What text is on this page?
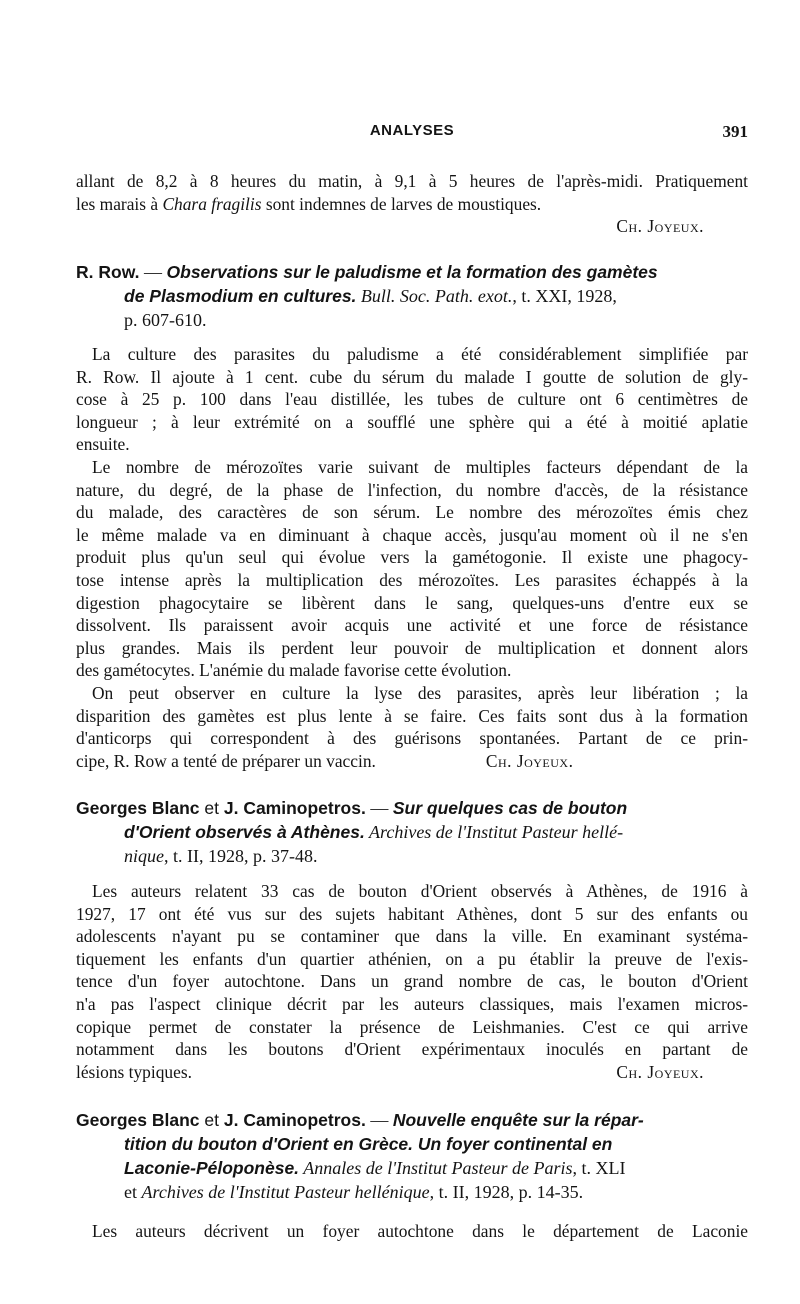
ANALYSES	391
allant de 8,2 à 8 heures du matin, à 9,1 à 5 heures de l'après-midi. Pratiquement
les marais à Chara fragilis sont indemnes de larves de moustiques.
Ch. Joyeux.
R. Row. — Observations sur le paludisme et la formation des gamètes
de Plasmodium en cultures. Bull. Soc. Path. exot., t. XXI, 1928,
p. 607-610.
La culture des parasites du paludisme a été considérablement simplifiée par
R. Row. Il ajoute à 1 cent. cube du sérum du malade I goutte de solution de gly-
cose à 25 p. 100 dans l'eau distillée, les tubes de culture ont 6 centimètres de
longueur ; à leur extrémité on a soufflé une sphère qui a été à moitié aplatie
ensuite.
Le nombre de mérozoïtes varie suivant de multiples facteurs dépendant de la
nature, du degré, de la phase de l'infection, du nombre d'accès, de la résistance
du malade, des caractères de son sérum. Le nombre des mérozoïtes émis chez
le même malade va en diminuant à chaque accès, jusqu'au moment où il ne s'en
produit plus qu'un seul qui évolue vers la gamétogonie. Il existe une phagocy-
tose intense après la multiplication des mérozoïtes. Les parasites échappés à la
digestion phagocytaire se libèrent dans le sang, quelques-uns d'entre eux se
dissolvent. Ils paraissent avoir acquis une activité et une force de résistance
plus grandes. Mais ils perdent leur pouvoir de multiplication et donnent alors
des gamétocytes. L'anémie du malade favorise cette évolution.
On peut observer en culture la lyse des parasites, après leur libération ; la
disparition des gamètes est plus lente à se faire. Ces faits sont dus à la formation
d'anticorps qui correspondent à des guérisons spontanées. Partant de ce prin-
cipe, R. Row a tenté de préparer un vaccin.	Ch. Joyeux.
Georges Blanc et J. Caminopetros. — Sur quelques cas de bouton
d'Orient observés à Athènes. Archives de l'Institut Pasteur hellé-
nique, t. II, 1928, p. 37-48.
Les auteurs relatent 33 cas de bouton d'Orient observés à Athènes, de 1916 à
1927, 17 ont été vus sur des sujets habitant Athènes, dont 5 sur des enfants ou
adolescents n'ayant pu se contaminer que dans la ville. En examinant systéma-
tiquement les enfants d'un quartier athénien, on a pu établir la preuve de l'exis-
tence d'un foyer autochtone. Dans un grand nombre de cas, le bouton d'Orient
n'a pas l'aspect clinique décrit par les auteurs classiques, mais l'examen micros-
copique permet de constater la présence de Leishmanies. C'est ce qui arrive
notamment dans les boutons d'Orient expérimentaux inoculés en partant de
lésions typiques.	Ch. Joyeux.
Georges Blanc et J. Caminopetros. — Nouvelle enquête sur la répar-
tition du bouton d'Orient en Grèce. Un foyer continental en
Laconie-Péloponèse. Annales de l'Institut Pasteur de Paris, t. XLI
et Archives de l'Institut Pasteur hellénique, t. II, 1928, p. 14-35.
Les auteurs décrivent un foyer autochtone dans le département de Laconie
